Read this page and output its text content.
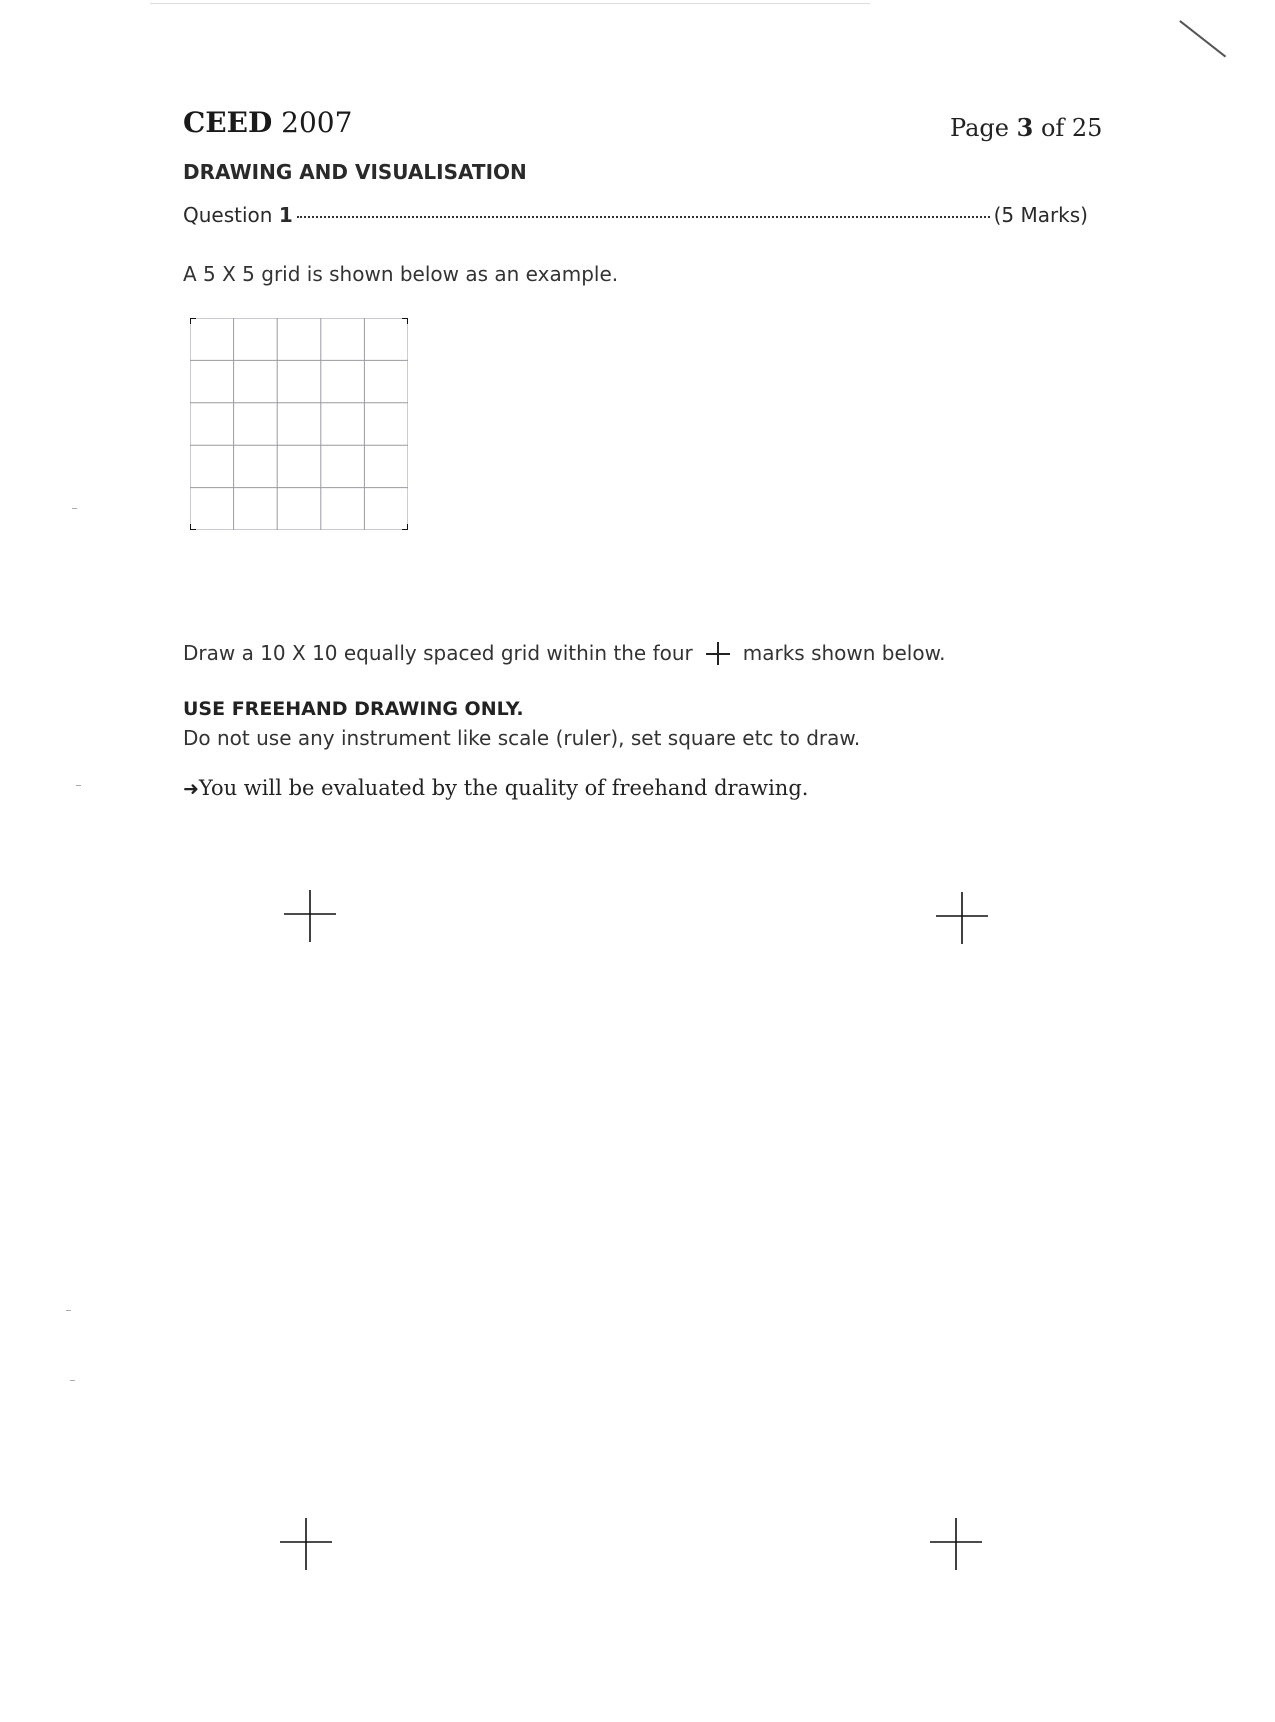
CEED 2007	Page 3 of 25
DRAWING AND VISUALISATION
Question 1	(5 Marks)
A 5 X 5 grid is shown below as an example.
Draw a 10 X 10 equally spaced grid within the four	marks shown below.
USE FREEHAND DRAWING ONLY.
Do not use any instrument like scale (ruler), set square etc to draw.
➜You will be evaluated by the quality of freehand drawing.
